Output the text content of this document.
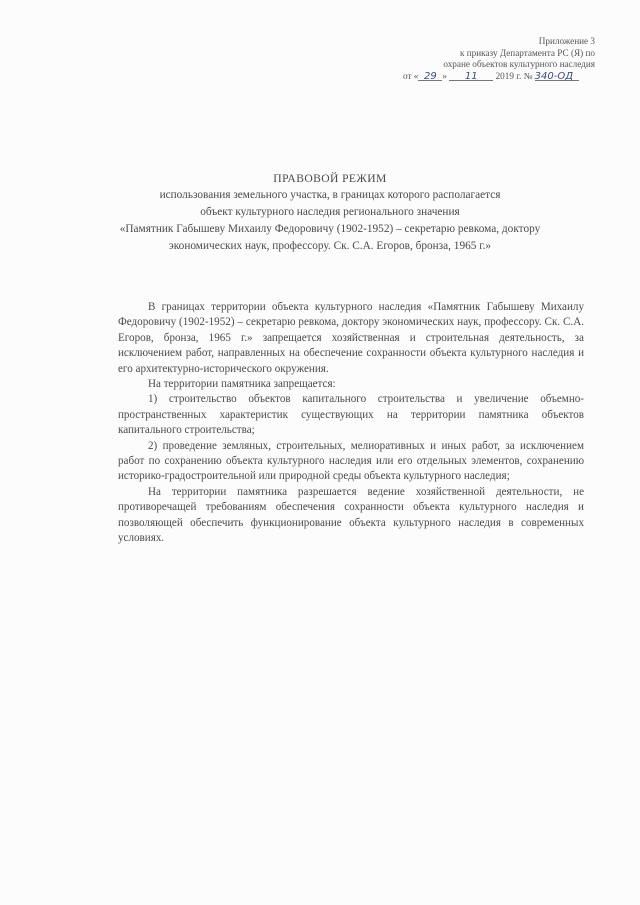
Приложение 3
к приказу Департамента РС (Я) по
охране объектов культурного наследия
от « 29 » 11 2019 г. № 340-ОД
ПРАВОВОЙ РЕЖИМ
использования земельного участка, в границах которого располагается
объект культурного наследия регионального значения
«Памятник Габышеву Михаилу Федоровичу (1902-1952) – секретарю ревкома, доктору
экономических наук, профессору. Ск. С.А. Егоров, бронза, 1965 г.»

В границах территории объекта культурного наследия «Памятник Габышеву Михаилу Федоровичу (1902-1952) – секретарю ревкома, доктору экономических наук, профессору. Ск. С.А. Егоров, бронза, 1965 г.» запрещается хозяйственная и строительная деятельность, за исключением работ, направленных на обеспечение сохранности объекта культурного наследия и его архитектурно-исторического окружения.

На территории памятника запрещается:

1) строительство объектов капитального строительства и увеличение объемно-пространственных характеристик существующих на территории памятника объектов капитального строительства;

2) проведение земляных, строительных, мелиоративных и иных работ, за исключением работ по сохранению объекта культурного наследия или его отдельных элементов, сохранению историко-градостроительной или природной среды объекта культурного наследия;

На территории памятника разрешается ведение хозяйственной деятельности, не противоречащей требованиям обеспечения сохранности объекта культурного наследия и позволяющей обеспечить функционирование объекта культурного наследия в современных условиях.
